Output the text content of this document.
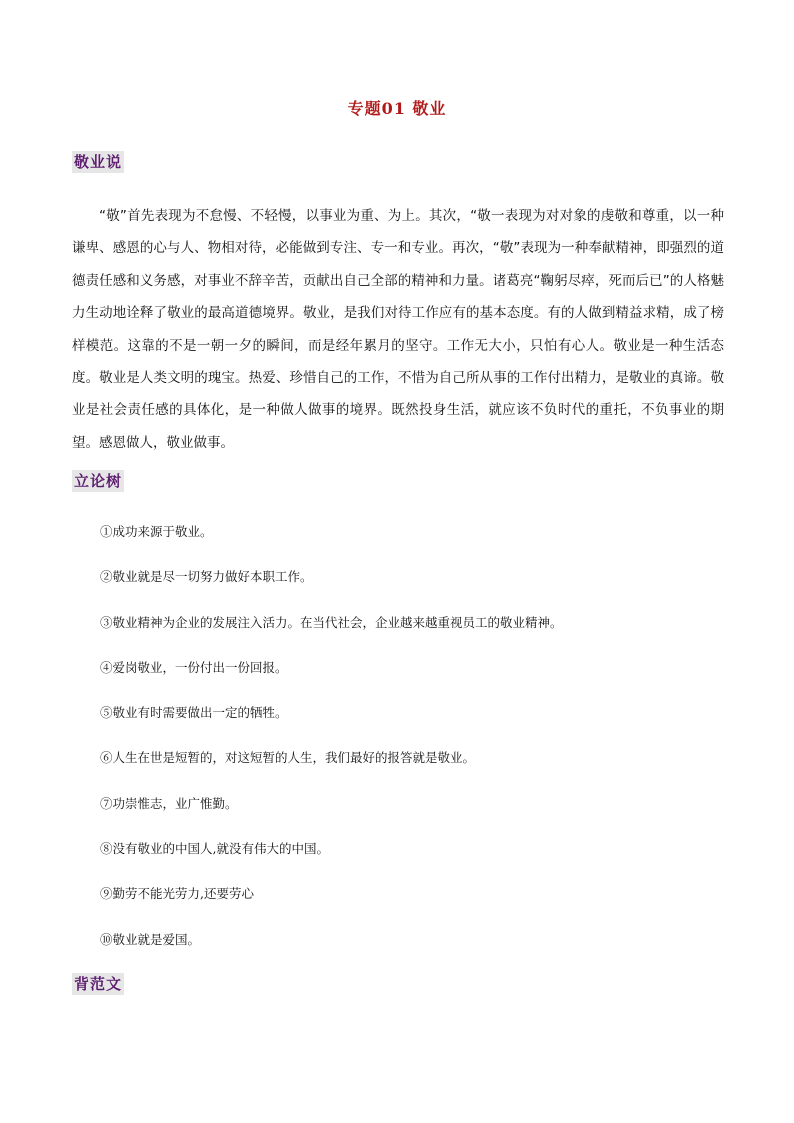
专题01 敬业
敬业说

“敬”首先表现为不怠慢、不轻慢，以事业为重、为上。其次，“敬一表现为对对象的虔敬和尊重，以一种谦卑、感恩的心与人、物相对待，必能做到专注、专一和专业。再次，“敬”表现为一种奉献精神，即强烈的道德责任感和义务感，对事业不辞辛苦，贡献出自己全部的精神和力量。诸葛亮“鞠躬尽瘁，死而后已”的人格魅力生动地诠释了敬业的最高道德境界。敬业，是我们对待工作应有的基本态度。有的人做到精益求精，成了榜样模范。这靠的不是一朝一夕的瞬间，而是经年累月的坚守。工作无大小，只怕有心人。敬业是一种生活态度。敬业是人类文明的瑰宝。热爱、珍惜自己的工作，不惜为自己所从事的工作付出精力，是敬业的真谛。敬业是社会责任感的具体化，是一种做人做事的境界。既然投身生活，就应该不负时代的重托，不负事业的期望。感恩做人，敬业做事。

立论树
①成功来源于敬业。
②敬业就是尽一切努力做好本职工作。
③敬业精神为企业的发展注入活力。在当代社会，企业越来越重视员工的敬业精神。
④爱岗敬业，一份付出一份回报。
⑤敬业有时需要做出一定的牺牲。
⑥人生在世是短暂的，对这短暂的人生，我们最好的报答就是敬业。
⑦功崇惟志，业广惟勤。
⑧没有敬业的中国人,就没有伟大的中国。
⑨勤劳不能光劳力,还要劳心
⑩敬业就是爱国。
背范文
